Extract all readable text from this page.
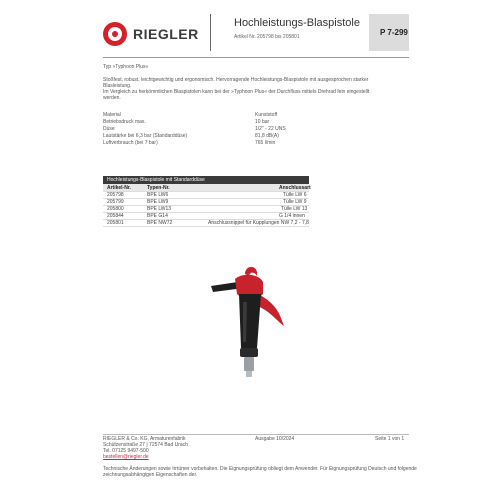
RIEGLER
Hochleistungs-Blaspistole
Artikel Nr. 205798 bis 205801	P 7-299
Typ »Typhoon Plus«
Stoßfest, robust, leichtgewichtig und ergonomisch. Hervorragende Hochleistungs-Blaspistole mit ausgesprochen starker
Blasleistung.
Im Vergleich zu herkömmlichen Blaspistolen kann bei der »Typhoon Plus« der Durchfluss mittels Drehrad fein eingestellt
werden.
Material	Kunststoff
Betriebsdruck max.	10 bar
Düse	1/2" - 22 UNS
Lautstärke bei 6,3 bar (Standarddüse)	81,8 dB(A)
Luftverbrauch (bei 7 bar)	765 l/min
Hochleistungs-Blaspistole mit Standarddüse
Artikel-Nr.	Typen-Nr.	Anschlussart
205798	BPE LW6	Tülle LW 6
205799	BPE LW9	Tülle LW 9
205800	BPE LW13	Tülle LW 13
205844	BPE G14	G 1/4 innen
205801	BPE NW72	Anschlussnippel für Kupplungen NW 7,2 - 7,8
RIEGLER & Co. KG, Armaturenfabrik
Schützenstraße 27 | 72574 Bad Urach
Tel. 07125 9497-500
bestellen@riegler.de
Ausgabe 10/2024	Seite 1 von 1
Technische Änderungen sowie Irrtümer vorbehalten. Die Eignungsprüfung obliegt dem Anwender. Für Eignungsprüfung Deutsch und folgende
zeichnungsabhängigen Eigenschaften der.
